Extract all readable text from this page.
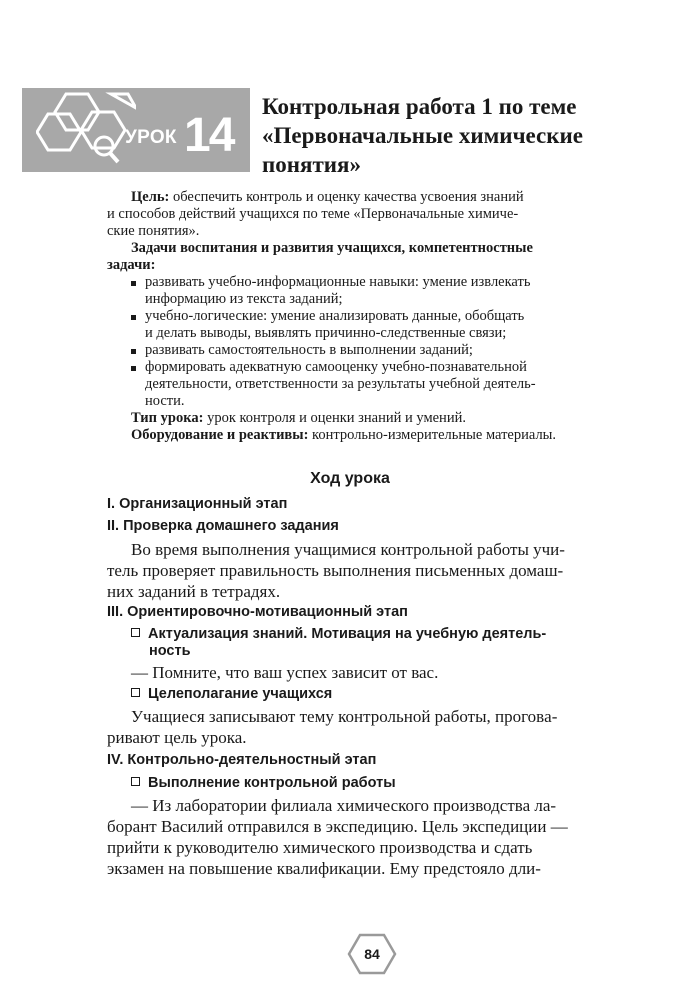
УРОК 14
Контрольная работа 1 по теме
«Первоначальные химические
понятия»
Цель: обеспечить контроль и оценку качества усвоения знаний
и способов действий учащихся по теме «Первоначальные химиче-
ские понятия».
Задачи воспитания и развития учащихся, компетентностные
задачи:
развивать учебно-информационные навыки: умение извлекать
информацию из текста заданий;
учебно-логические: умение анализировать данные, обобщать
и делать выводы, выявлять причинно-следственные связи;
развивать самостоятельность в выполнении заданий;
формировать адекватную самооценку учебно-познавательной
деятельности, ответственности за результаты учебной деятель-
ности.
Тип урока: урок контроля и оценки знаний и умений.
Оборудование и реактивы: контрольно-измерительные материалы.
Ход урока
I. Организационный этап
II. Проверка домашнего задания
Во время выполнения учащимися контрольной работы учи-
тель проверяет правильность выполнения письменных домаш-
них заданий в тетрадях.
III. Ориентировочно-мотивационный этап
Актуализация знаний. Мотивация на учебную деятель-
ность
— Помните, что ваш успех зависит от вас.
Целеполагание учащихся
Учащиеся записывают тему контрольной работы, проговa-
ривают цель урока.
IV. Контрольно-деятельностный этап
Выполнение контрольной работы
— Из лаборатории филиала химического производства ла-
борант Василий отправился в экспедицию. Цель экспедиции —
прийти к руководителю химического производства и сдать
экзамен на повышение квалификации. Ему предстояло дли-
84
